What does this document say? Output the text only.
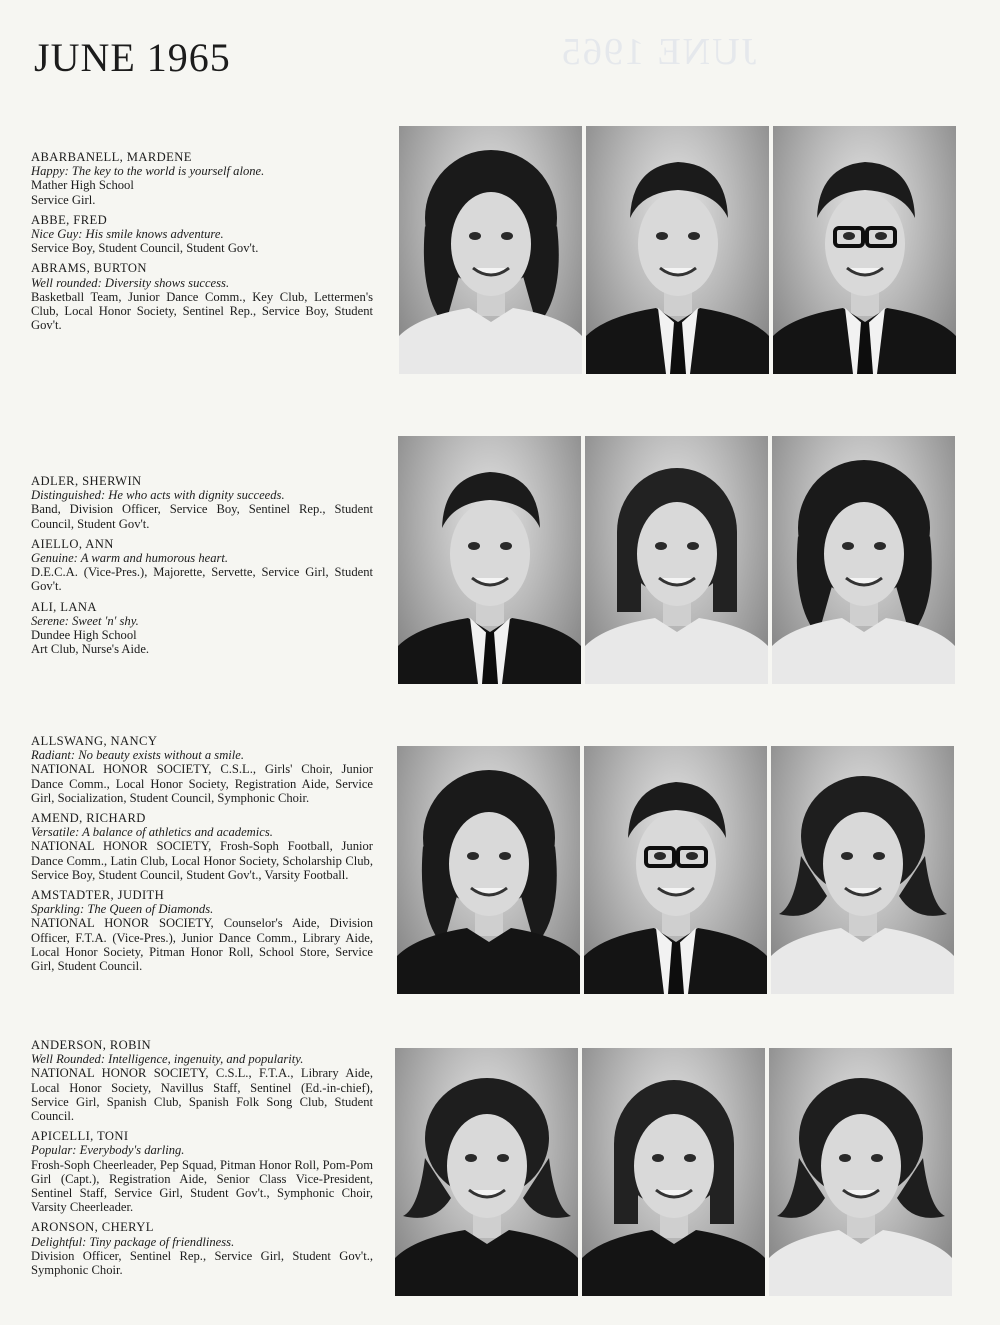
JUNE 1965
JUNE 1965
ABARBANELL, MARDENE
Happy: The key to the world is yourself alone.
Mather High School
Service Girl.
ABBE, FRED
Nice Guy: His smile knows adventure.
Service Boy, Student Council, Student Gov't.
ABRAMS, BURTON
Well rounded: Diversity shows success.
Basketball Team, Junior Dance Comm., Key Club, Lettermen's Club, Local Honor Society, Sentinel Rep., Service Boy, Student Gov't.
ADLER, SHERWIN
Distinguished: He who acts with dignity succeeds.
Band, Division Officer, Service Boy, Sentinel Rep., Student Council, Student Gov't.
AIELLO, ANN
Genuine: A warm and humorous heart.
D.E.C.A. (Vice-Pres.), Majorette, Servette, Service Girl, Student Gov't.
ALI, LANA
Serene: Sweet 'n' shy.
Dundee High School
Art Club, Nurse's Aide.
ALLSWANG, NANCY
Radiant: No beauty exists without a smile.
NATIONAL HONOR SOCIETY, C.S.L., Girls' Choir, Junior Dance Comm., Local Honor Society, Registration Aide, Service Girl, Socialization, Student Council, Symphonic Choir.
AMEND, RICHARD
Versatile: A balance of athletics and academics.
NATIONAL HONOR SOCIETY, Frosh-Soph Football, Junior Dance Comm., Latin Club, Local Honor Society, Scholarship Club, Service Boy, Student Council, Student Gov't., Varsity Football.
AMSTADTER, JUDITH
Sparkling: The Queen of Diamonds.
NATIONAL HONOR SOCIETY, Counselor's Aide, Division Officer, F.T.A. (Vice-Pres.), Junior Dance Comm., Library Aide, Local Honor Society, Pitman Honor Roll, School Store, Service Girl, Student Council.
ANDERSON, ROBIN
Well Rounded: Intelligence, ingenuity, and popularity.
NATIONAL HONOR SOCIETY, C.S.L., F.T.A., Library Aide, Local Honor Society, Navillus Staff, Sentinel (Ed.-in-chief), Service Girl, Spanish Club, Spanish Folk Song Club, Student Council.
APICELLI, TONI
Popular: Everybody's darling.
Frosh-Soph Cheerleader, Pep Squad, Pitman Honor Roll, Pom-Pom Girl (Capt.), Registration Aide, Senior Class Vice-President, Sentinel Staff, Service Girl, Student Gov't., Symphonic Choir, Varsity Cheerleader.
ARONSON, CHERYL
Delightful: Tiny package of friendliness.
Division Officer, Sentinel Rep., Service Girl, Student Gov't., Symphonic Choir.
